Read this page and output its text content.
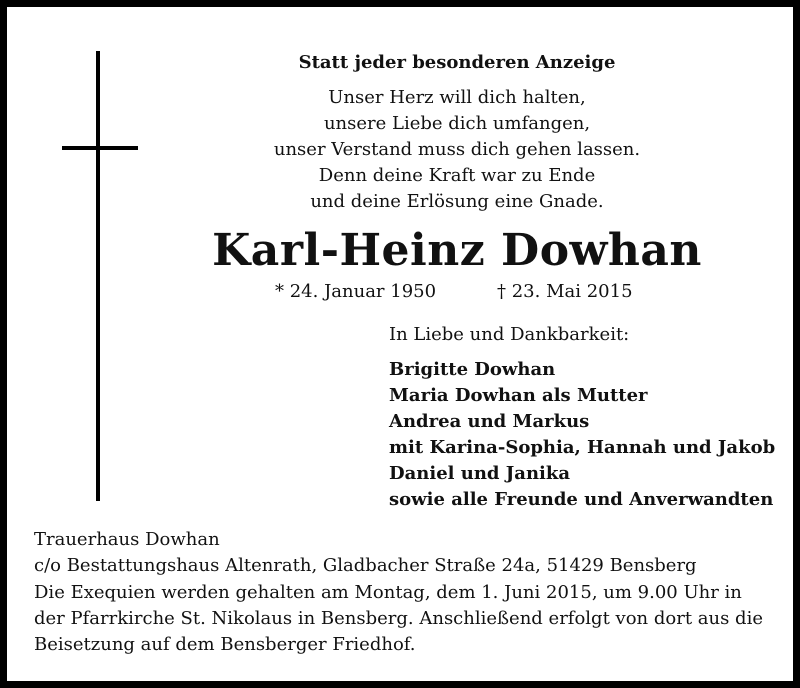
Statt jeder besonderen Anzeige
Unser Herz will dich halten,
unsere Liebe dich umfangen,
unser Verstand muss dich gehen lassen.
Denn deine Kraft war zu Ende
und deine Erlösung eine Gnade.
Karl-Heinz Dowhan
* 24. Januar 1950	† 23. Mai 2015
In Liebe und Dankbarkeit:
Brigitte Dowhan
Maria Dowhan als Mutter
Andrea und Markus
mit Karina-Sophia, Hannah und Jakob
Daniel und Janika
sowie alle Freunde und Anverwandten
Trauerhaus Dowhan
c/o Bestattungshaus Altenrath, Gladbacher Straße 24a, 51429 Bensberg
Die Exequien werden gehalten am Montag, dem 1. Juni 2015, um 9.00 Uhr in
der Pfarrkirche St. Nikolaus in Bensberg. Anschließend erfolgt von dort aus die
Beisetzung auf dem Bensberger Friedhof.
